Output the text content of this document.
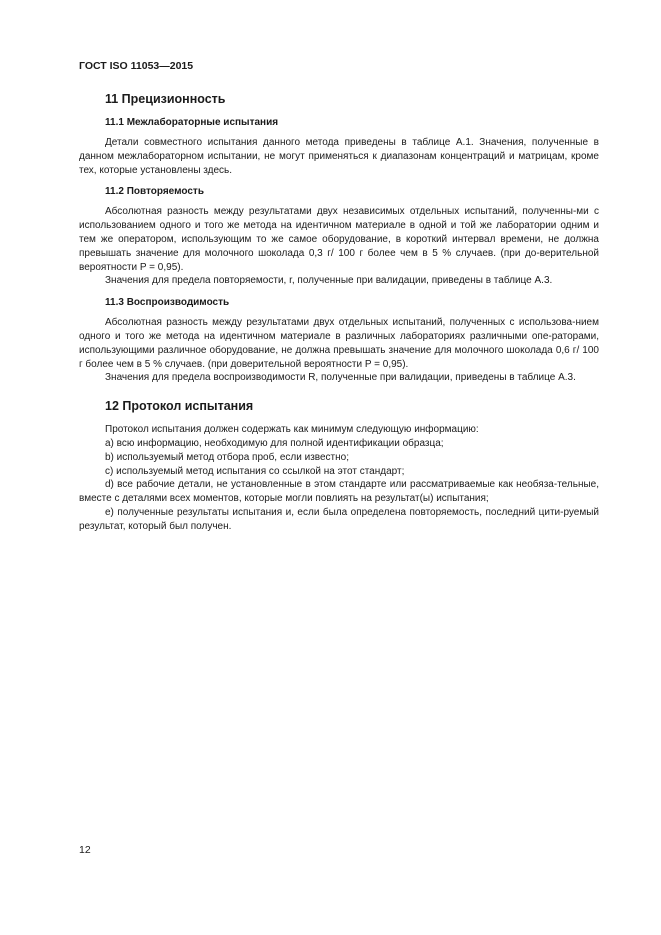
ГОСТ ISO 11053—2015
11 Прецизионность
11.1 Межлабораторные испытания

Детали совместного испытания данного метода приведены в таблице А.1. Значения, полученные в данном межлабораторном испытании, не могут применяться к диапазонам концентраций и матрицам, кроме тех, которые установлены здесь.

11.2 Повторяемость

Абсолютная разность между результатами двух независимых отдельных испытаний, полученны-ми с использованием одного и того же метода на идентичном материале в одной и той же лаборатории одним и тем же оператором, использующим то же самое оборудование, в короткий интервал времени, не должна превышать значение для молочного шоколада 0,3 г/ 100 г более чем в 5 % случаев. (при до-верительной вероятности P = 0,95).

Значения для предела повторяемости, r, полученные при валидации, приведены в таблице А.3.

11.3 Воспроизводимость

Абсолютная разность между результатами двух отдельных испытаний, полученных с использова-нием одного и того же метода на идентичном материале в различных лабораториях различными опе-раторами, использующими различное оборудование, не должна превышать значение для молочного шоколада 0,6 г/ 100 г более чем в 5 % случаев. (при доверительной вероятности P = 0,95).

Значения для предела воспроизводимости R, полученные при валидации, приведены в таблице А.3.

12 Протокол испытания

Протокол испытания должен содержать как минимум следующую информацию:

a) всю информацию, необходимую для полной идентификации образца;

b) используемый метод отбора проб, если известно;

c) используемый метод испытания со ссылкой на этот стандарт;

d) все рабочие детали, не установленные в этом стандарте или рассматриваемые как необяза-тельные, вместе с деталями всех моментов, которые могли повлиять на результат(ы) испытания;

e) полученные результаты испытания и, если была определена повторяемость, последний цити-руемый результат, который был получен.

12
